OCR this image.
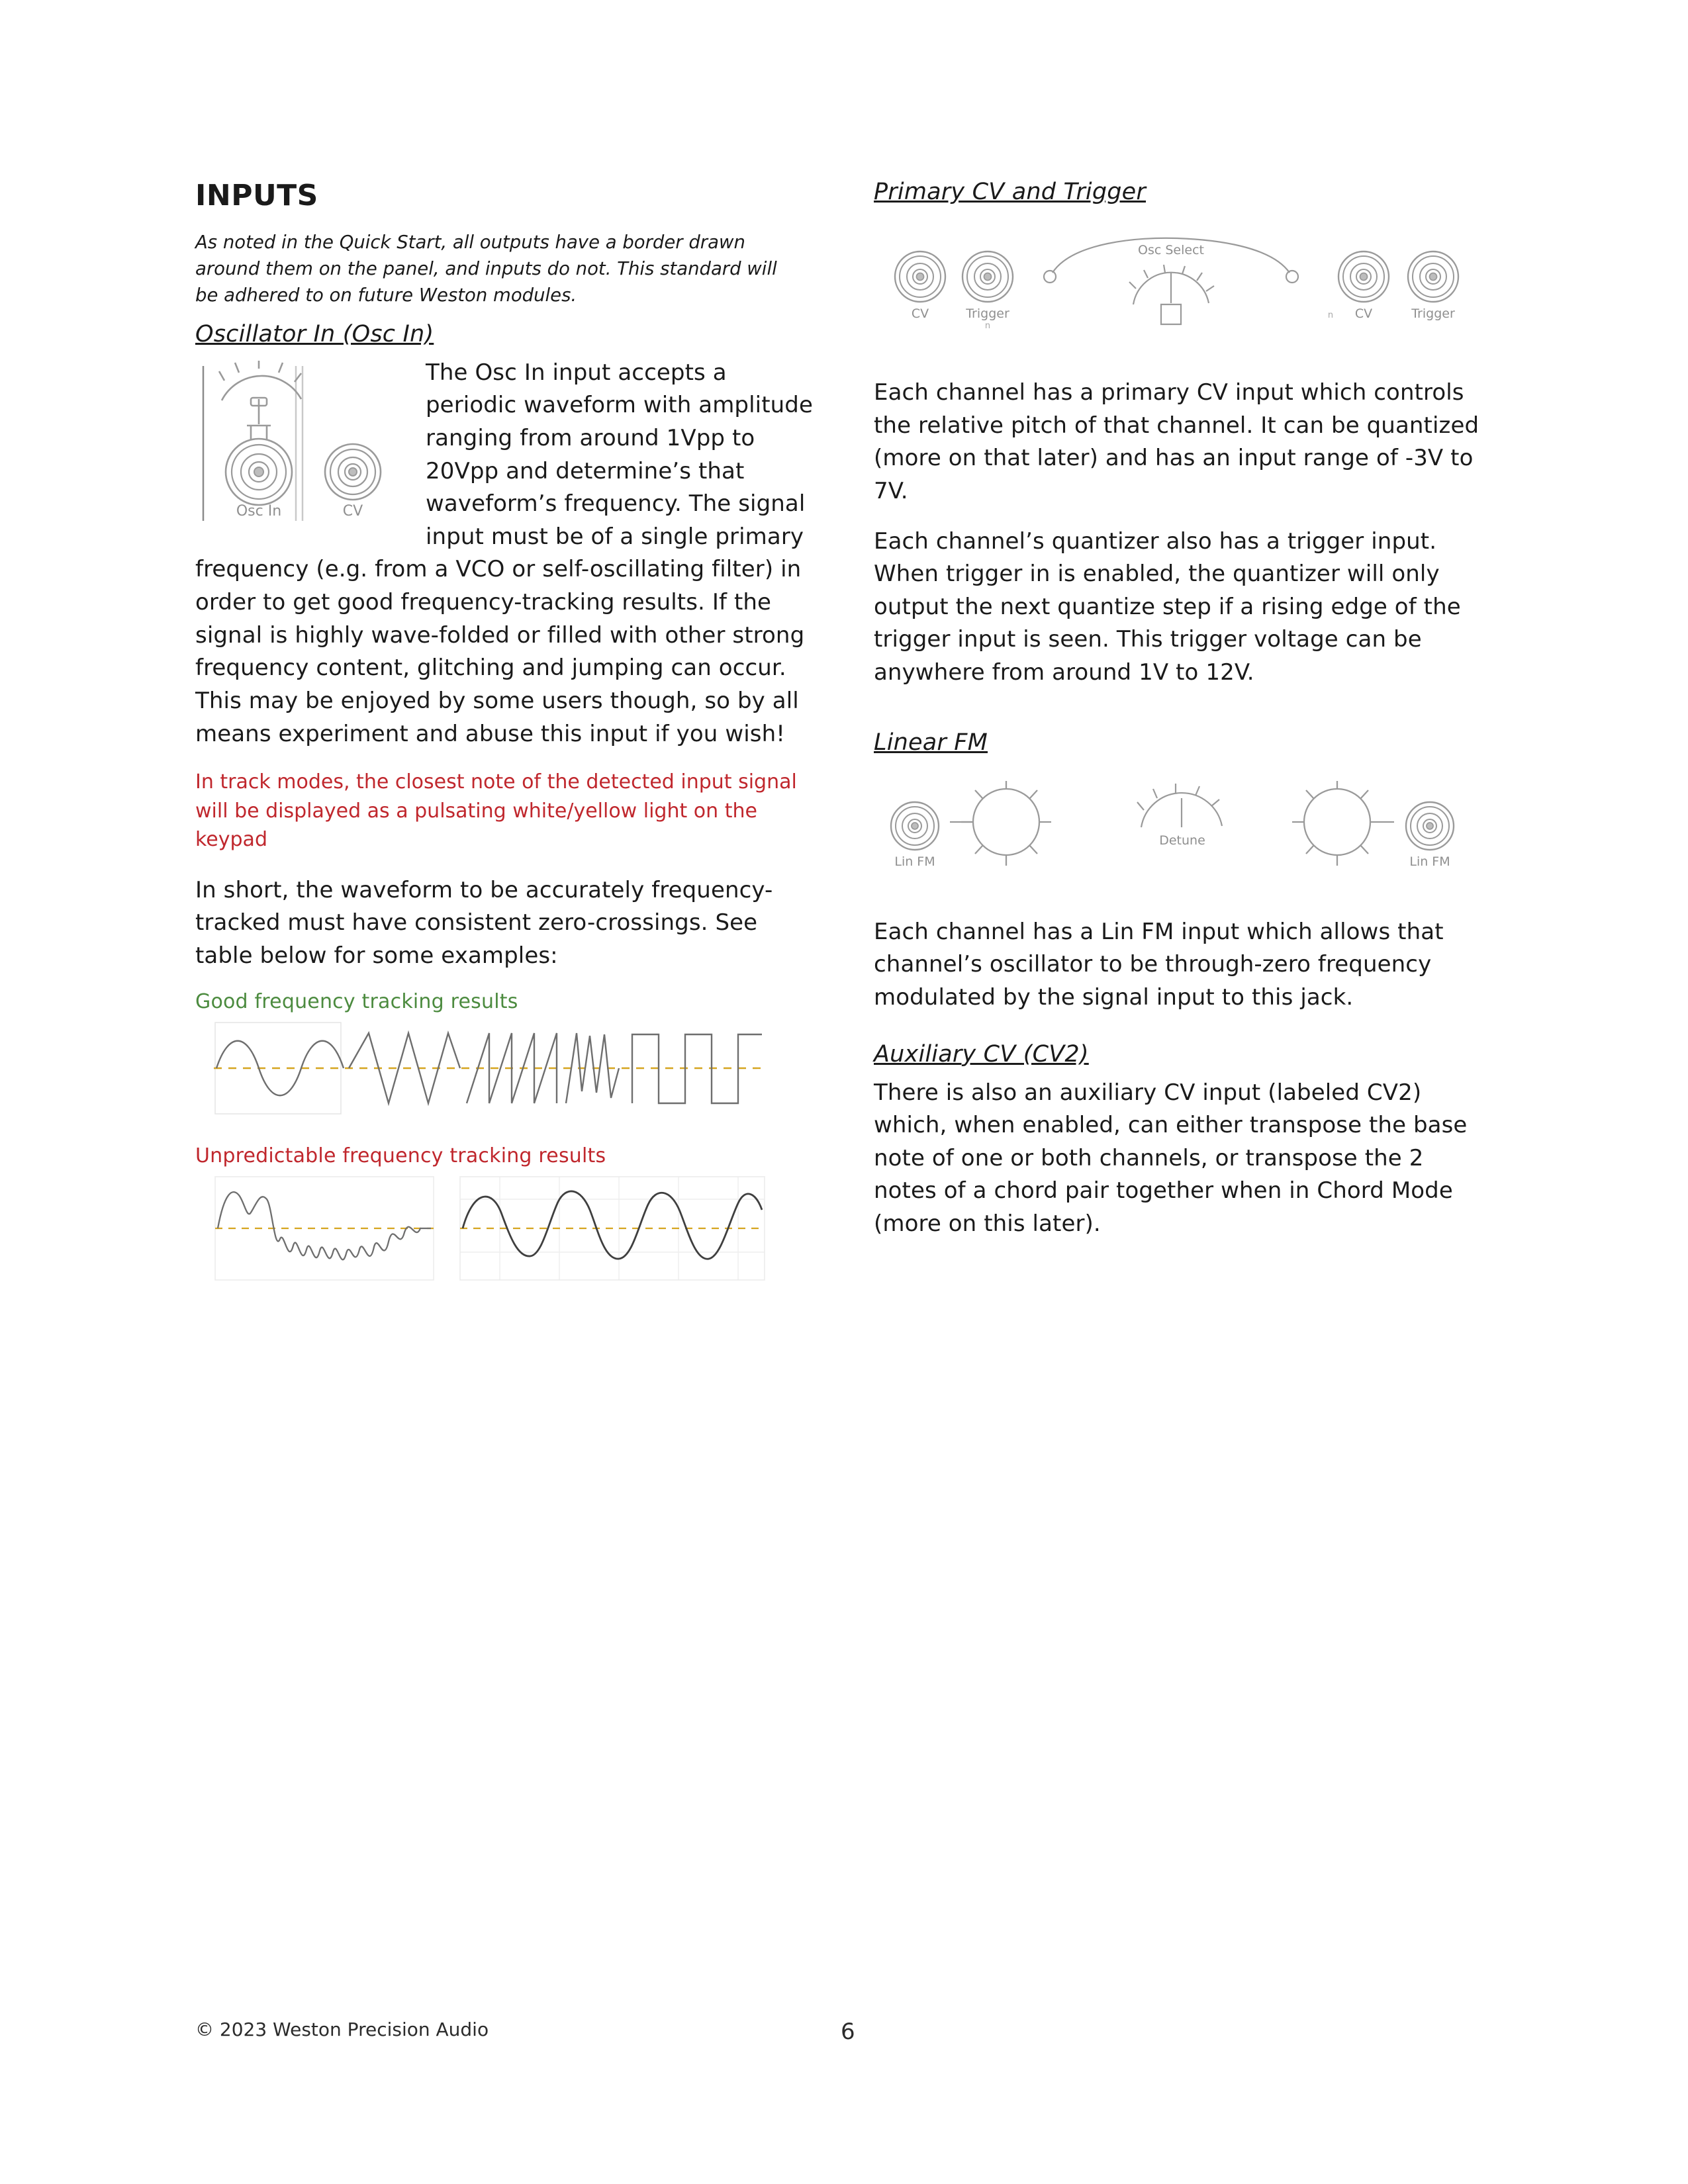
INPUTS

As noted in the Quick Start, all outputs have a border drawn around them on the panel, and inputs do not. This standard will be adhered to on future Weston modules.

Oscillator In (Osc In)
Osc In	CV

The Osc In input accepts a periodic waveform with amplitude ranging from around 1Vpp to 20Vpp and determine’s that waveform’s frequency. The signal input must be of a single primary frequency (e.g. from a VCO or self-oscillating filter) in order to get good frequency-tracking results. If the signal is highly wave-folded or filled with other strong frequency content, glitching and jumping can occur. This may be enjoyed by some users though, so by all means experiment and abuse this input if you wish!

In track modes, the closest note of the detected input signal will be displayed as a pulsating white/yellow light on the keypad

In short, the waveform to be accurately frequency-tracked must have consistent zero-crossings. See table below for some examples:

Good frequency tracking results

Unpredictable frequency tracking results

Primary CV and Trigger
CV	Trigger
n
Osc Select
CV
n	Trigger

Each channel has a primary CV input which controls the relative pitch of that channel. It can be quantized (more on that later) and has an input range of -3V to 7V.

Each channel’s quantizer also has a trigger input. When trigger in is enabled, the quantizer will only output the next quantize step if a rising edge of the trigger input is seen. This trigger voltage can be anywhere from around 1V to 12V.

Linear FM
Lin FM
Detune
Lin FM

Each channel has a Lin FM input which allows that channel’s oscillator to be through-zero frequency modulated by the signal input to this jack.

Auxiliary CV (CV2)

There is also an auxiliary CV input (labeled CV2) which, when enabled, can either transpose the base note of one or both channels, or transpose the 2 notes of a chord pair together when in Chord Mode (more on this later).

© 2023 Weston Precision Audio	6
